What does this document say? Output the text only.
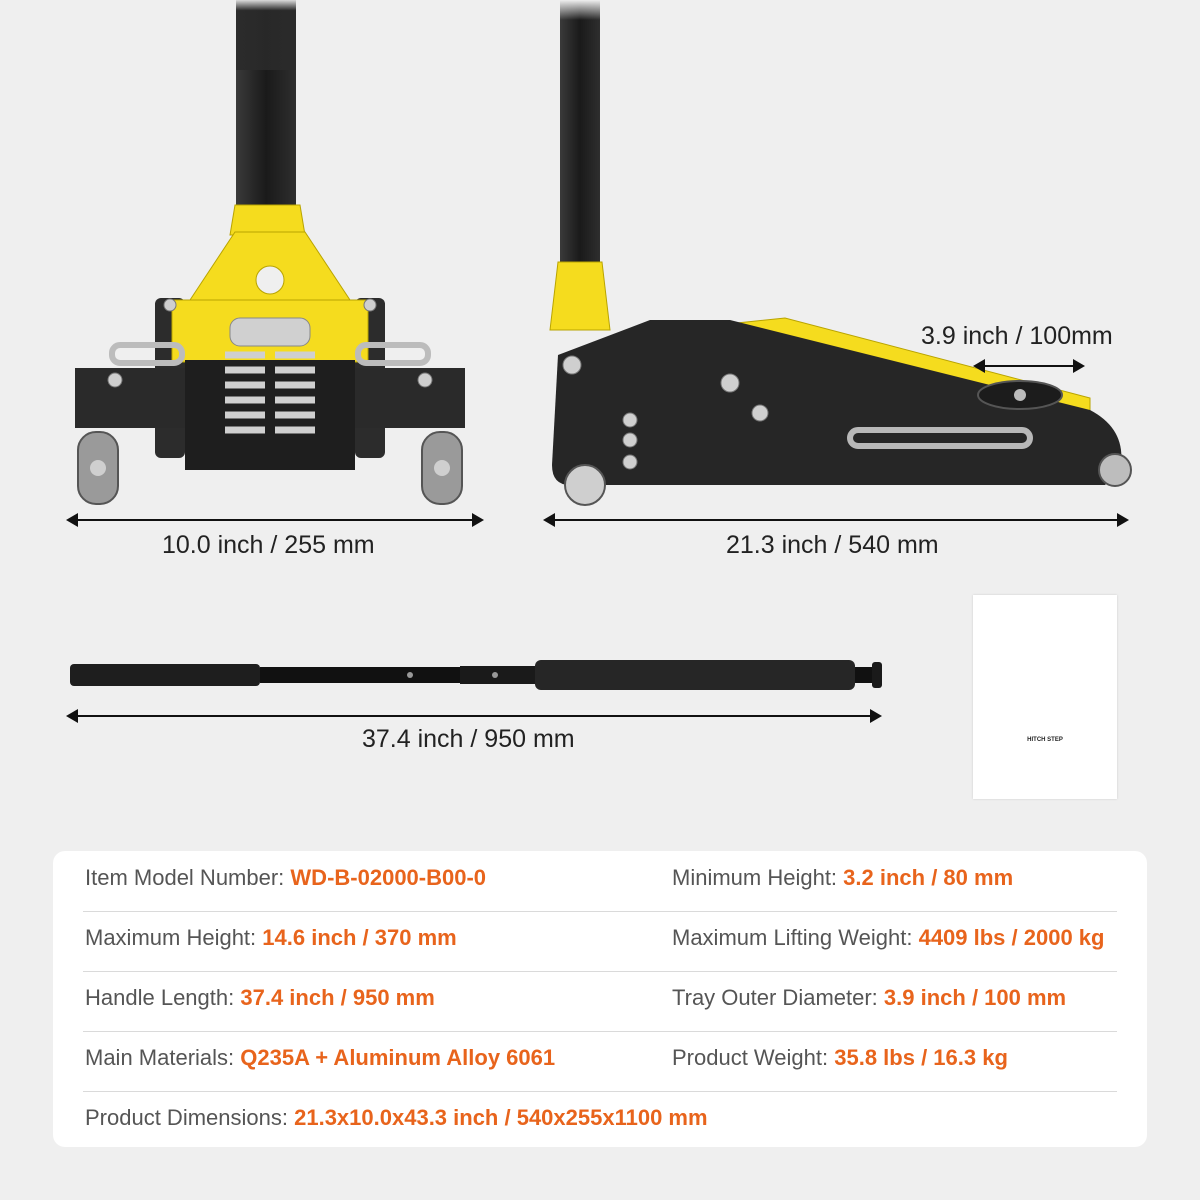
10.0 inch / 255 mm	21.3 inch / 540 mm
3.9 inch / 100mm
37.4 inch / 950 mm	HITCH STEP
Item Model Number: WD-B-02000-B00-0	Minimum Height: 3.2 inch / 80 mm
Maximum Height: 14.6 inch / 370 mm	Maximum Lifting Weight: 4409 lbs / 2000 kg
Handle Length: 37.4 inch / 950 mm	Tray Outer Diameter: 3.9 inch / 100 mm
Main Materials: Q235A + Aluminum Alloy 6061	Product Weight: 35.8 lbs / 16.3 kg
Product Dimensions: 21.3x10.0x43.3 inch / 540x255x1100 mm
